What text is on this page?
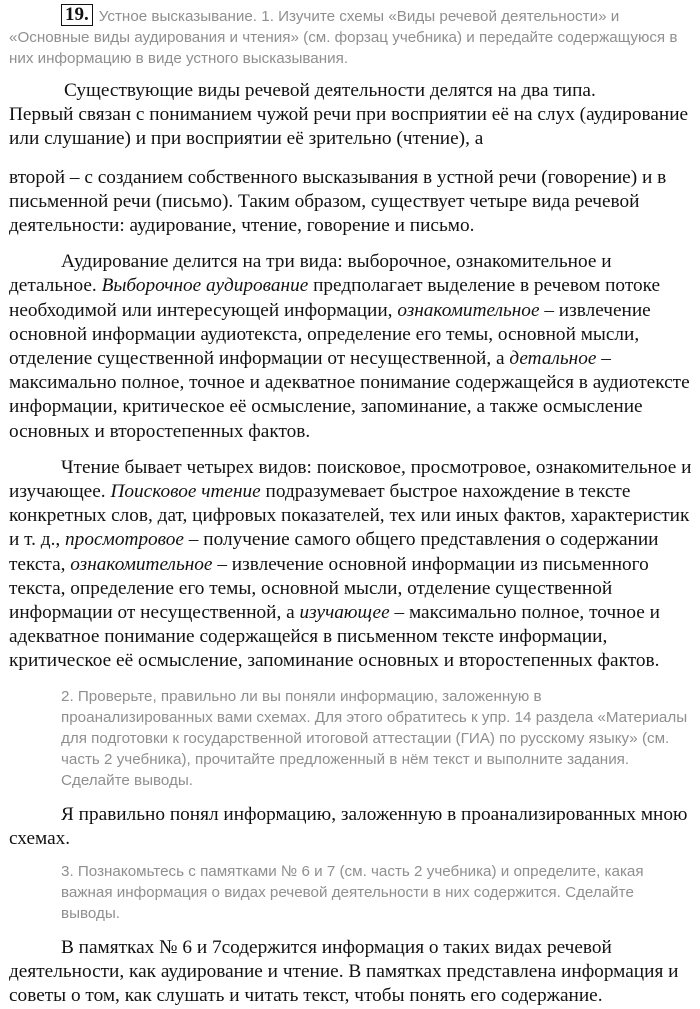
19. Устное высказывание. 1. Изучите схемы «Виды речевой деятельности» и «Основные виды аудирования и чтения» (см. форзац учебника) и передайте содержащуюся в них информацию в виде устного высказывания.

Существующие виды речевой деятельности делятся на два типа.
Первый связан с пониманием чужой речи при восприятии её на слух (аудирование или слушание) и при восприятии её зрительно (чтение), а

второй – с созданием собственного высказывания в устной речи (говорение) и в письменной речи (письмо). Таким образом, существует четыре вида речевой деятельности: аудирование, чтение, говорение и письмо.

Аудирование делится на три вида: выборочное, ознакомительное и детальное. Выборочное аудирование предполагает выделение в речевом потоке необходимой или интересующей информации, ознакомительное – извлечение основной информации аудиотекста, определение его темы, основной мысли, отделение существенной информации от несущественной, а детальное – максимально полное, точное и адекватное понимание содержащейся в аудиотексте информации, критическое её осмысление, запоминание, а также осмысление основных и второстепенных фактов.

Чтение бывает четырех видов: поисковое, просмотровое, ознакомительное и изучающее. Поисковое чтение подразумевает быстрое нахождение в тексте конкретных слов, дат, цифровых показателей, тех или иных фактов, характеристик и т. д., просмотровое – получение самого общего представления о содержании текста, ознакомительное – извлечение основной информации из письменного текста, определение его темы, основной мысли, отделение существенной информации от несущественной, а изучающее – максимально полное, точное и адекватное понимание содержащейся в письменном тексте информации, критическое её осмысление, запоминание основных и второстепенных фактов.

2. Проверьте, правильно ли вы поняли информацию, заложенную в проанализированных вами схемах. Для этого обратитесь к упр. 14 раздела «Материалы для подготовки к государственной итоговой аттестации (ГИА) по русскому языку» (см. часть 2 учебника), прочитайте предложенный в нём текст и выполните задания. Сделайте выводы.

Я правильно понял информацию, заложенную в проанализированных мною схемах.

3. Познакомьтесь с памятками № 6 и 7 (см. часть 2 учебника) и определите, какая важная информация о видах речевой деятельности в них содержится. Сделайте выводы.

В памятках № 6 и 7содержится информация о таких видах речевой деятельности, как аудирование и чтение. В памятках представлена информация и советы о том, как слушать и читать текст, чтобы понять его содержание.
